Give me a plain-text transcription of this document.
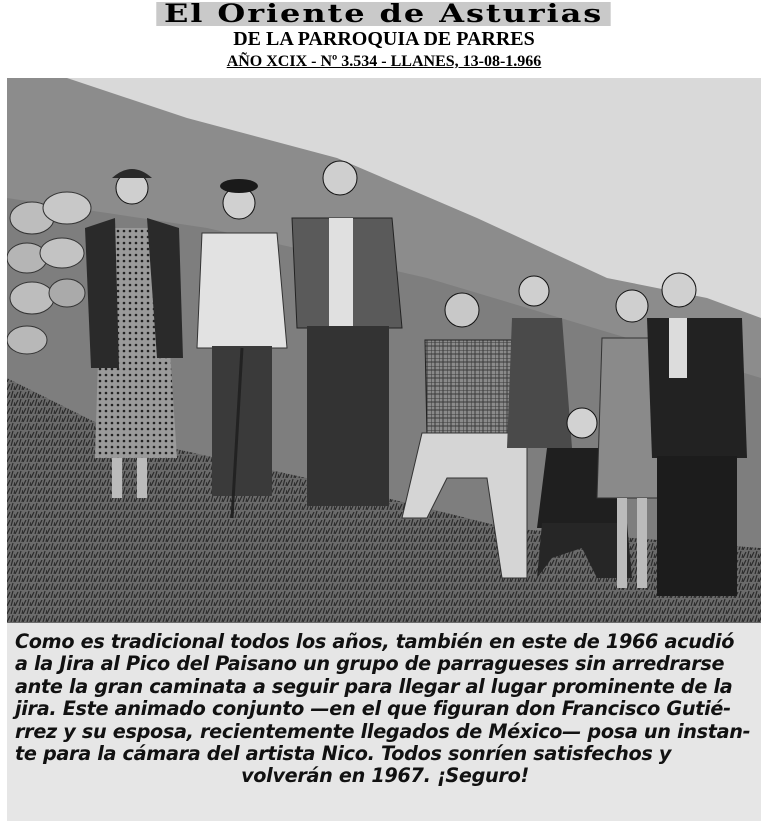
El Oriente de Asturias
DE LA PARROQUIA DE PARRES
AÑO XCIX - Nº 3.534 - LLANES, 13-08-1.966
Como es tradicional todos los años, también en este de 1966 acudió
a la Jira al Pico del Paisano un grupo de parragueses sin arredrarse
ante la gran caminata a seguir para llegar al lugar prominente de la
jira. Este animado conjunto —en el que figuran don Francisco Gutié-
rrez y su esposa, recientemente llegados de México— posa un instan-
te para la cámara del artista Nico. Todos sonríen satisfechos y
volverán en 1967. ¡Seguro!
